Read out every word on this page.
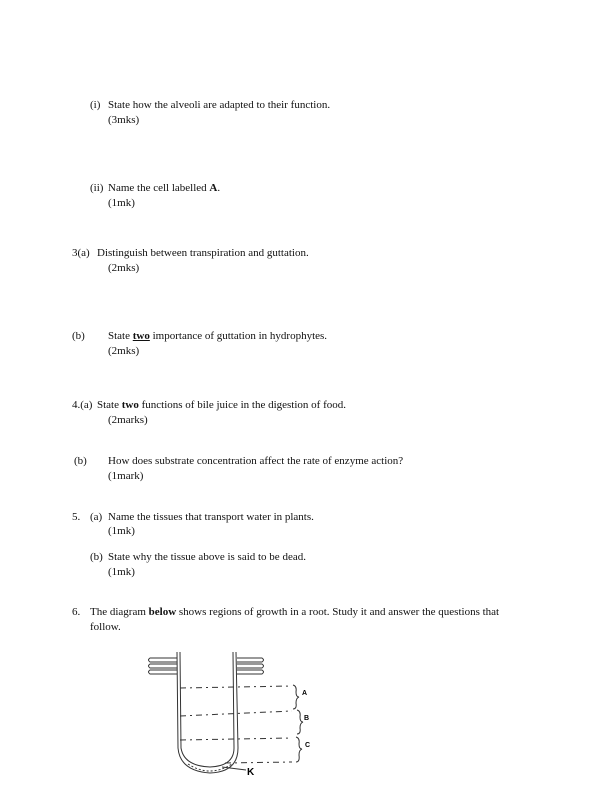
(i) State how the alveoli are adapted to their function.
(3mks)
(ii) Name the cell labelled A.
(1mk)
3(a) Distinguish between transpiration and guttation.
(2mks)
(b) State two importance of guttation in hydrophytes.
(2mks)
4.(a) State two functions of bile juice in the digestion of food.
(2marks)
(b) How does substrate concentration affect the rate of enzyme action?
(1mark)
5. (a) Name the tissues that transport water in plants.
(1mk)
(b) State why the tissue above is said to be dead.
(1mk)
6. The diagram below shows regions of growth in a root. Study it and answer the questions that
follow.
A
B
C
K
